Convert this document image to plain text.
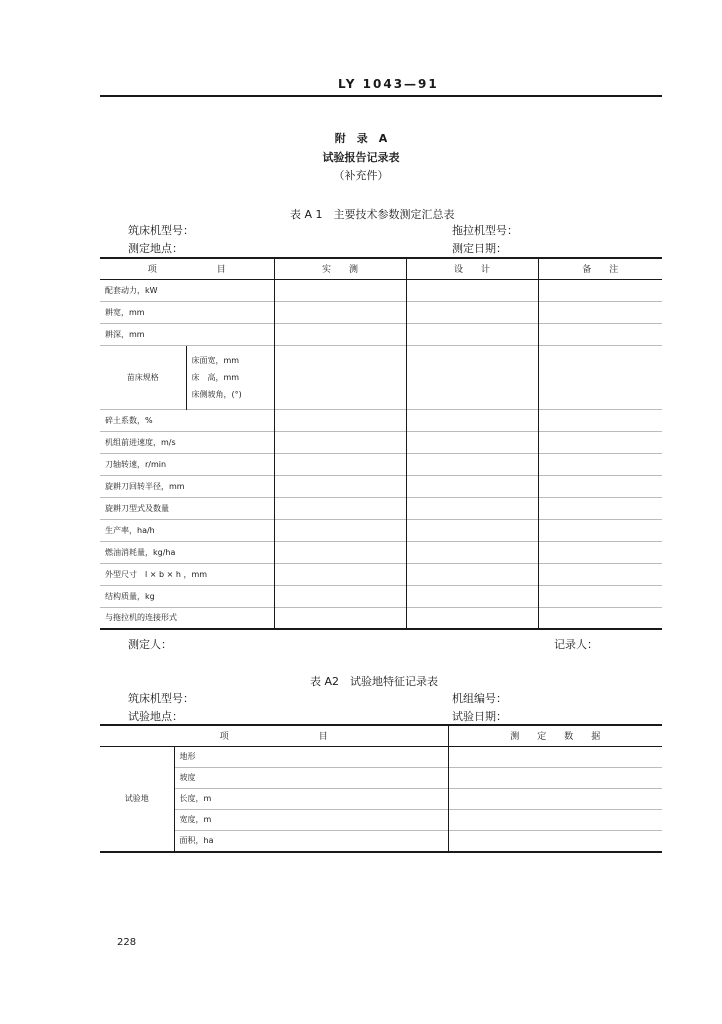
LY 1043—91
附　录　A
试验报告记录表
（补充件）
表 A 1　主要技术参数测定汇总表
筑床机型号：	拖拉机型号：
测定地点：	测定日期：
项 目		实　　测	设　　计	备　　注
配套动力，kW				
耕宽，mm				
耕深，mm				
苗床规格	床面宽，mm
床　高，mm
床侧坡角，(°)			

碎土系数，%				
机组前进速度，m/s				
刀轴转速，r/min				
旋耕刀回转半径，mm				
旋耕刀型式及数量				
生产率，ha/h				
燃油消耗量，kg/ha				
外型尺寸　l × b × h ，mm				
结构质量，kg				
与拖拉机的连接形式				
测定人：	记录人：
表 A2　试验地特征记录表
筑床机型号：	机组编号：
试验地点：	试验日期：
项 目		测　　定　　数　　据
试验地	地形	
	坡度	
	长度，m	
	宽度，m	
	面积，ha	
228
